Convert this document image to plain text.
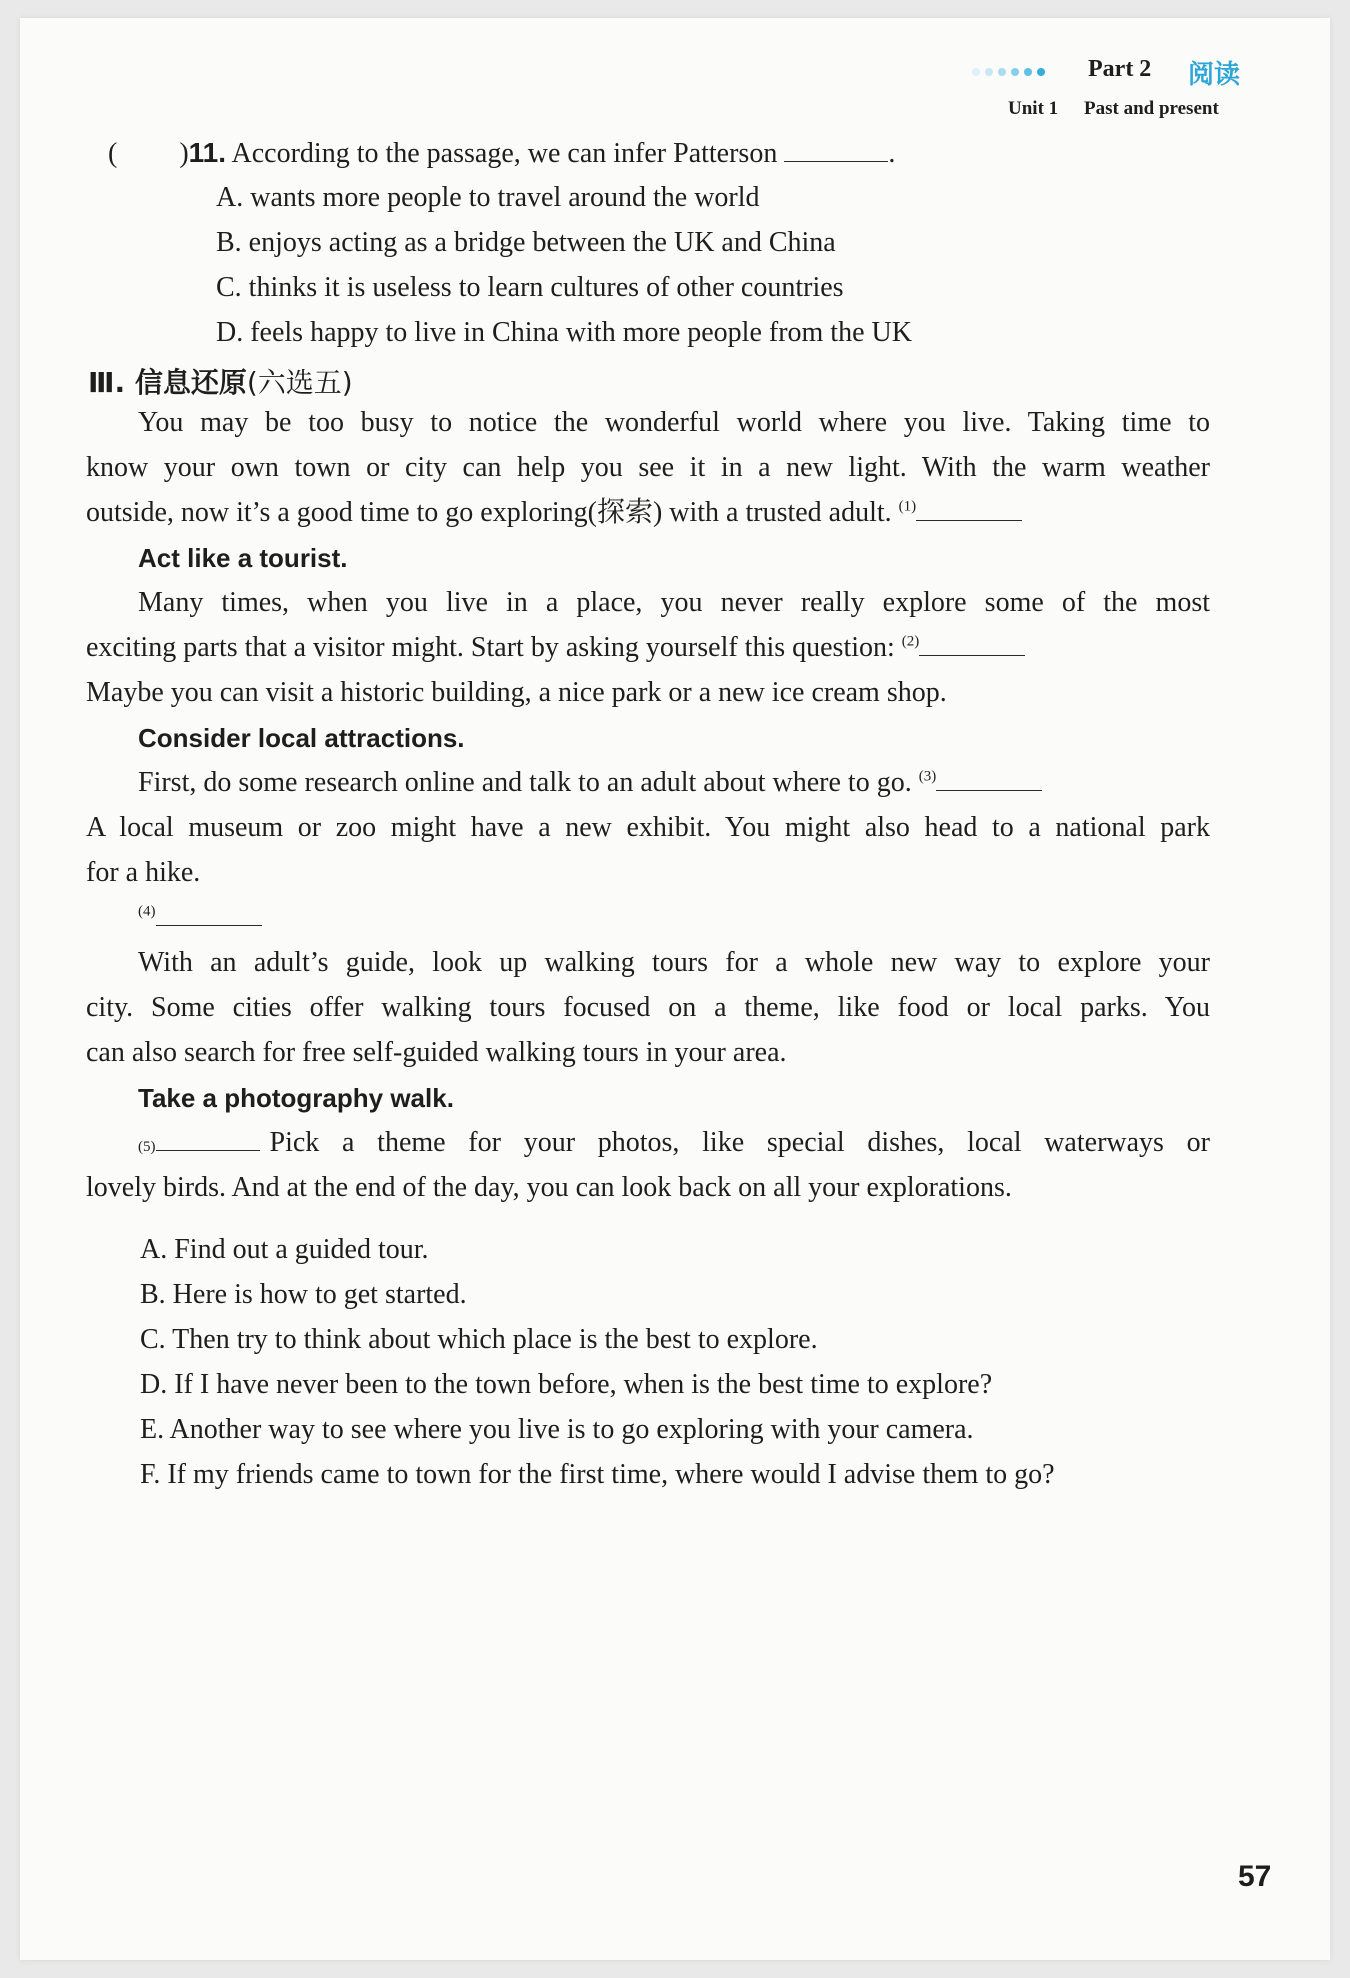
Part 2 阅读
Unit 1 Past and present
( )11. According to the passage, we can infer Patterson	.
A. wants more people to travel around the world
B. enjoys acting as a bridge between the UK and China
C. thinks it is useless to learn cultures of other countries
D. feels happy to live in China with more people from the UK
Ⅲ. 信息还原(六选五)
You may be too busy to notice the wonderful world where you live. Taking time to
know your own town or city can help you see it in a new light. With the warm weather
outside, now it’s a good time to go exploring(探索) with a trusted adult. $^{(1)}$
Act like a tourist.
Many times, when you live in a place, you never really explore some of the most
exciting parts that a visitor might. Start by asking yourself this question: $^{(2)}$
Maybe you can visit a historic building, a nice park or a new ice cream shop.
Consider local attractions.
First, do some research online and talk to an adult about where to go. $^{(3)}$
A local museum or zoo might have a new exhibit. You might also head to a national park
for a hike.
$^{(4)}$
With an adult’s guide, look up walking tours for a whole new way to explore your
city. Some cities offer walking tours focused on a theme, like food or local parks. You
can also search for free self-guided walking tours in your area.
Take a photography walk.
(5)	Pick a theme for your photos, like special dishes, local waterways or
lovely birds. And at the end of the day, you can look back on all your explorations.
A. Find out a guided tour.
B. Here is how to get started.
C. Then try to think about which place is the best to explore.
D. If I have never been to the town before, when is the best time to explore?
E. Another way to see where you live is to go exploring with your camera.
F. If my friends came to town for the first time, where would I advise them to go?
57
